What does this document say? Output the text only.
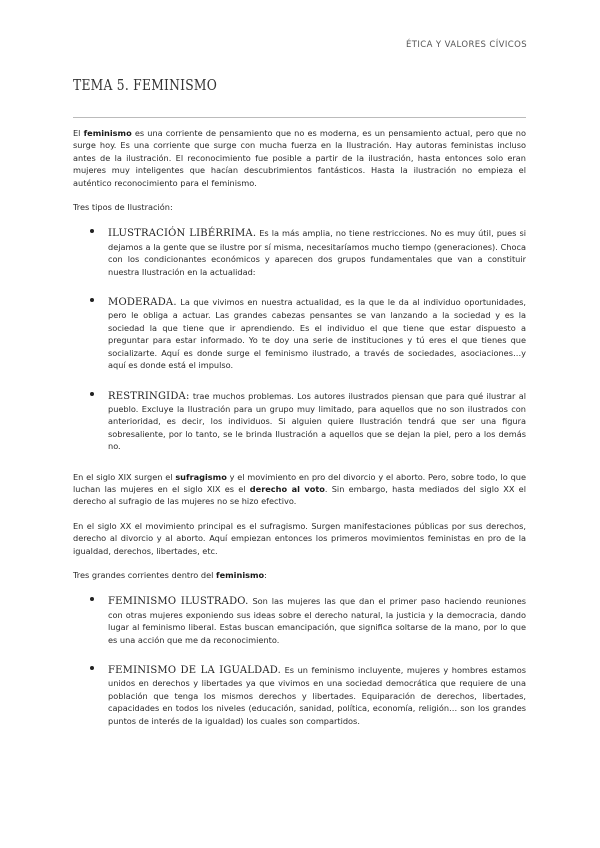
ÉTICA Y VALORES CÍVICOS
TEMA 5. FEMINISMO

El feminismo es una corriente de pensamiento que no es moderna, es un pensamiento actual, pero que no surge hoy. Es una corriente que surge con mucha fuerza en la Ilustración. Hay autoras feministas incluso antes de la ilustración. El reconocimiento fue posible a partir de la ilustración, hasta entonces solo eran mujeres muy inteligentes que hacían descubrimientos fantásticos. Hasta la ilustración no empieza el auténtico reconocimiento para el feminismo.

Tres tipos de Ilustración:

ILUSTRACIÓN LIBÉRRIMA. Es la más amplia, no tiene restricciones. No es muy útil, pues si dejamos a la gente que se ilustre por sí misma, necesitaríamos mucho tiempo (generaciones). Choca con los condicionantes económicos y aparecen dos grupos fundamentales que van a constituir nuestra Ilustración en la actualidad:
MODERADA. La que vivimos en nuestra actualidad, es la que le da al individuo oportunidades, pero le obliga a actuar. Las grandes cabezas pensantes se van lanzando a la sociedad y es la sociedad la que tiene que ir aprendiendo. Es el individuo el que tiene que estar dispuesto a preguntar para estar informado. Yo te doy una serie de instituciones y tú eres el que tienes que socializarte. Aquí es donde surge el feminismo ilustrado, a través de sociedades, asociaciones…y aquí es donde está el impulso.
RESTRINGIDA: trae muchos problemas. Los autores ilustrados piensan que para qué ilustrar al pueblo. Excluye la Ilustración para un grupo muy limitado, para aquellos que no son ilustrados con anterioridad, es decir, los individuos. Si alguien quiere Ilustración tendrá que ser una figura sobresaliente, por lo tanto, se le brinda Ilustración a aquellos que se dejan la piel, pero a los demás no.

En el siglo XIX surgen el sufragismo y el movimiento en pro del divorcio y el aborto. Pero, sobre todo, lo que luchan las mujeres en el siglo XIX es el derecho al voto. Sin embargo, hasta mediados del siglo XX el derecho al sufragio de las mujeres no se hizo efectivo.

En el siglo XX el movimiento principal es el sufragismo. Surgen manifestaciones públicas por sus derechos, derecho al divorcio y al aborto. Aquí empiezan entonces los primeros movimientos feministas en pro de la igualdad, derechos, libertades, etc.

Tres grandes corrientes dentro del feminismo:

FEMINISMO ILUSTRADO. Son las mujeres las que dan el primer paso haciendo reuniones con otras mujeres exponiendo sus ideas sobre el derecho natural, la justicia y la democracia, dando lugar al feminismo liberal. Estas buscan emancipación, que significa soltarse de la mano, por lo que es una acción que me da reconocimiento.
FEMINISMO DE LA IGUALDAD. Es un feminismo incluyente, mujeres y hombres estamos unidos en derechos y libertades ya que vivimos en una sociedad democrática que requiere de una población que tenga los mismos derechos y libertades. Equiparación de derechos, libertades, capacidades en todos los niveles (educación, sanidad, política, economía, religión… son los grandes puntos de interés de la igualdad) los cuales son compartidos.
